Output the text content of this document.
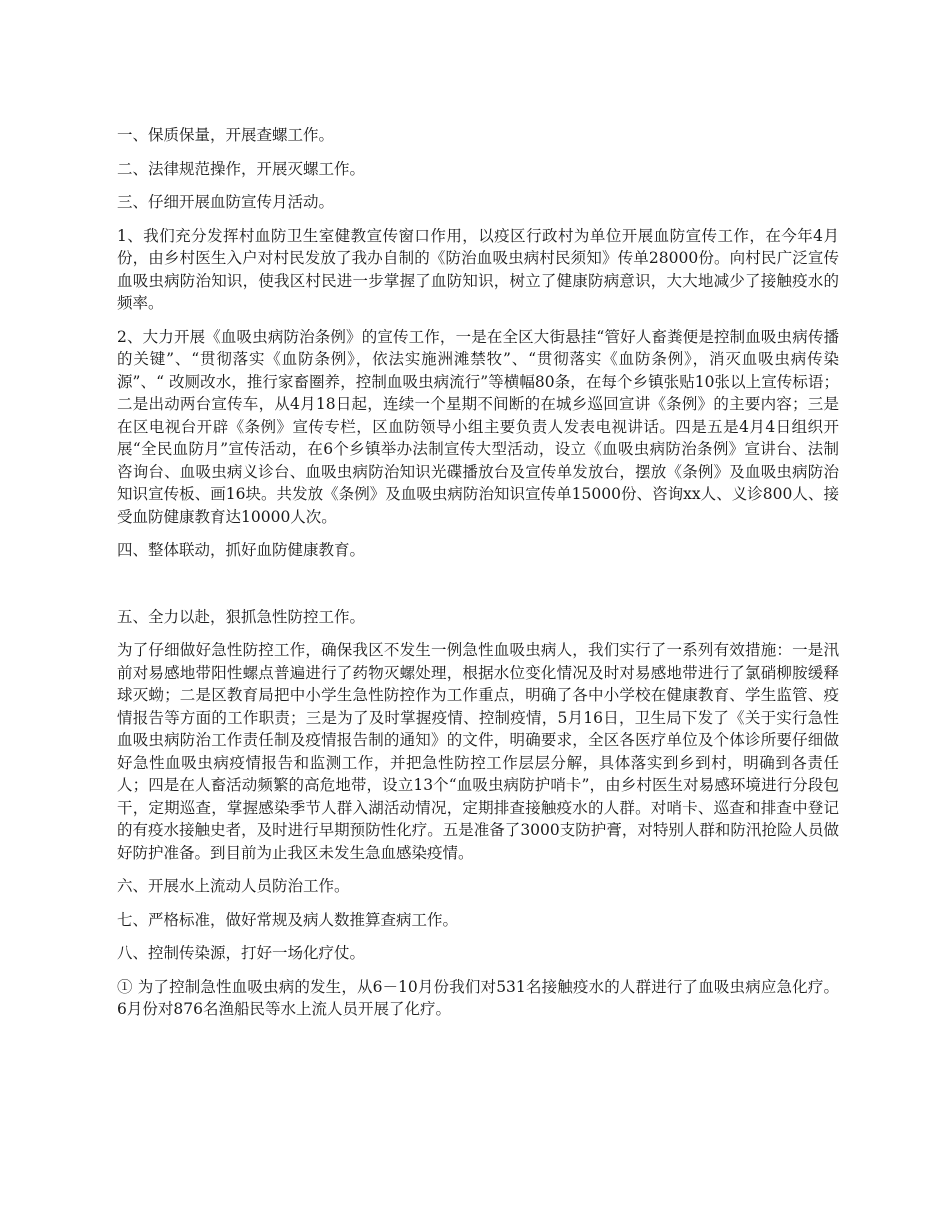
一、保质保量，开展查螺工作。

二、法律规范操作，开展灭螺工作。

三、仔细开展血防宣传月活动。

1、我们充分发挥村血防卫生室健教宣传窗口作用，以疫区行政村为单位开展血防宣传工作，在今年4月份，由乡村医生入户对村民发放了我办自制的《防治血吸虫病村民须知》传单28000份。向村民广泛宣传血吸虫病防治知识，使我区村民进一步掌握了血防知识，树立了健康防病意识，大大地减少了接触疫水的频率。

2、大力开展《血吸虫病防治条例》的宣传工作，一是在全区大街悬挂“管好人畜粪便是控制血吸虫病传播的关键”、“贯彻落实《血防条例》，依法实施洲滩禁牧”、“贯彻落实《血防条例》，消灭血吸虫病传染源”、“ 改厕改水，推行家畜圈养，控制血吸虫病流行”等横幅80条，在每个乡镇张贴10张以上宣传标语；二是出动两台宣传车，从4月18日起，连续一个星期不间断的在城乡巡回宣讲《条例》的主要内容；三是在区电视台开辟《条例》宣传专栏，区血防领导小组主要负责人发表电视讲话。四是五是4月4日组织开展“全民血防月”宣传活动，在6个乡镇举办法制宣传大型活动，设立《血吸虫病防治条例》宣讲台、法制咨询台、血吸虫病义诊台、血吸虫病防治知识光碟播放台及宣传单发放台，摆放《条例》及血吸虫病防治知识宣传板、画16块。共发放《条例》及血吸虫病防治知识宣传单15000份、咨询xx人、义诊800人、接受血防健康教育达10000人次。

四、整体联动，抓好血防健康教育。

五、全力以赴，狠抓急性防控工作。

为了仔细做好急性防控工作，确保我区不发生一例急性血吸虫病人，我们实行了一系列有效措施：一是汛前对易感地带阳性螺点普遍进行了药物灭螺处理，根据水位变化情况及时对易感地带进行了氯硝柳胺缓释球灭蚴；二是区教育局把中小学生急性防控作为工作重点，明确了各中小学校在健康教育、学生监管、疫情报告等方面的工作职责；三是为了及时掌握疫情、控制疫情，5月16日，卫生局下发了《关于实行急性血吸虫病防治工作责任制及疫情报告制的通知》的文件，明确要求，全区各医疗单位及个体诊所要仔细做好急性血吸虫病疫情报告和监测工作，并把急性防控工作层层分解，具体落实到乡到村，明确到各责任人；四是在人畜活动频繁的高危地带，设立13个“血吸虫病防护哨卡”，由乡村医生对易感环境进行分段包干，定期巡查，掌握感染季节人群入湖活动情况，定期排查接触疫水的人群。对哨卡、巡查和排查中登记的有疫水接触史者，及时进行早期预防性化疗。五是准备了3000支防护膏，对特别人群和防汛抢险人员做好防护准备。到目前为止我区未发生急血感染疫情。

六、开展水上流动人员防治工作。

七、严格标准，做好常规及病人数推算查病工作。

八、控制传染源，打好一场化疗仗。

① 为了控制急性血吸虫病的发生，从6－10月份我们对531名接触疫水的人群进行了血吸虫病应急化疗。6月份对876名渔船民等水上流人员开展了化疗。
